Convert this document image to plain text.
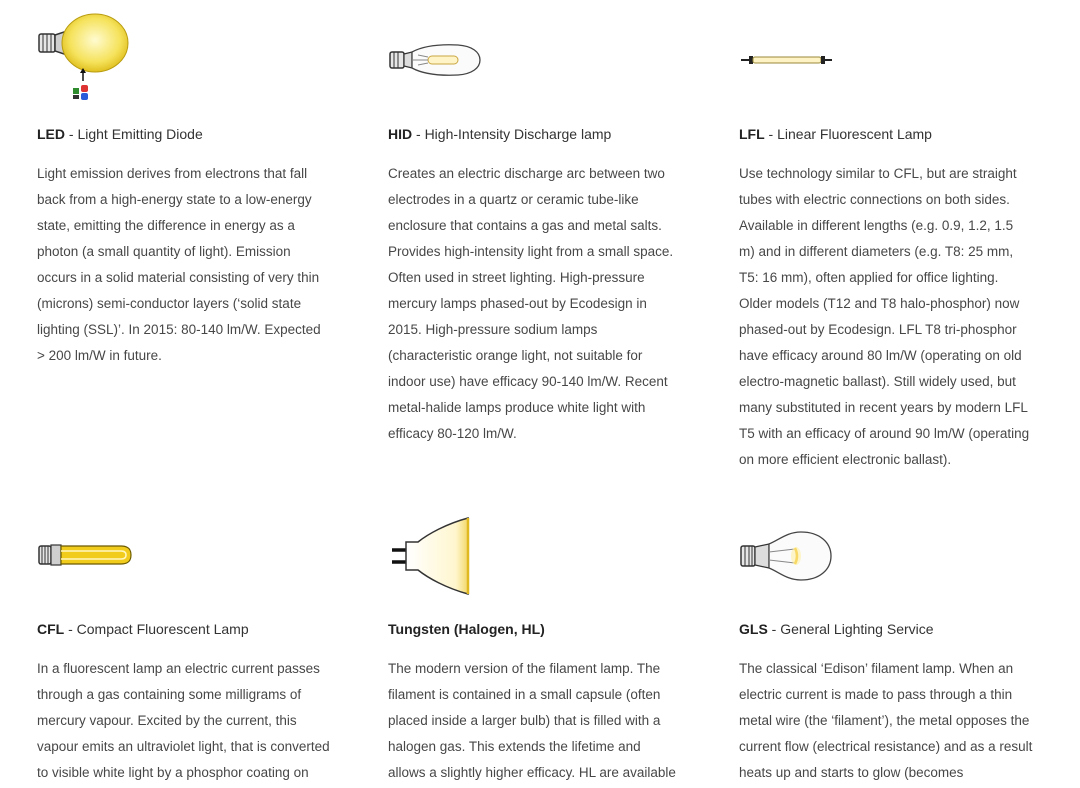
LED - Light Emitting Diode
Light emission derives from electrons that fall
back from a high-energy state to a low-energy
state, emitting the difference in energy as a
photon (a small quantity of light). Emission
occurs in a solid material consisting of very thin
(microns) semi-conductor layers (‘solid state
lighting (SSL)’. In 2015: 80-140 lm/W. Expected
> 200 lm/W in future.
HID - High-Intensity Discharge lamp
Creates an electric discharge arc between two
electrodes in a quartz or ceramic tube-like
enclosure that contains a gas and metal salts.
Provides high-intensity light from a small space.
Often used in street lighting. High-pressure
mercury lamps phased-out by Ecodesign in
2015. High-pressure sodium lamps
(characteristic orange light, not suitable for
indoor use) have efficacy 90-140 lm/W. Recent
metal-halide lamps produce white light with
efficacy 80-120 lm/W.
LFL - Linear Fluorescent Lamp
Use technology similar to CFL, but are straight
tubes with electric connections on both sides.
Available in different lengths (e.g. 0.9, 1.2, 1.5
m) and in different diameters (e.g. T8: 25 mm,
T5: 16 mm), often applied for office lighting.
Older models (T12 and T8 halo-phosphor) now
phased-out by Ecodesign. LFL T8 tri-phosphor
have efficacy around 80 lm/W (operating on old
electro-magnetic ballast). Still widely used, but
many substituted in recent years by modern LFL
T5 with an efficacy of around 90 lm/W (operating
on more efficient electronic ballast).
CFL - Compact Fluorescent Lamp
In a fluorescent lamp an electric current passes
through a gas containing some milligrams of
mercury vapour. Excited by the current, this
vapour emits an ultraviolet light, that is converted
to visible white light by a phosphor coating on
Tungsten (Halogen, HL)
The modern version of the filament lamp. The
filament is contained in a small capsule (often
placed inside a larger bulb) that is filled with a
halogen gas. This extends the lifetime and
allows a slightly higher efficacy. HL are available
GLS - General Lighting Service
The classical ‘Edison’ filament lamp. When an
electric current is made to pass through a thin
metal wire (the ‘filament’), the metal opposes the
current flow (electrical resistance) and as a result
heats up and starts to glow (becomes
